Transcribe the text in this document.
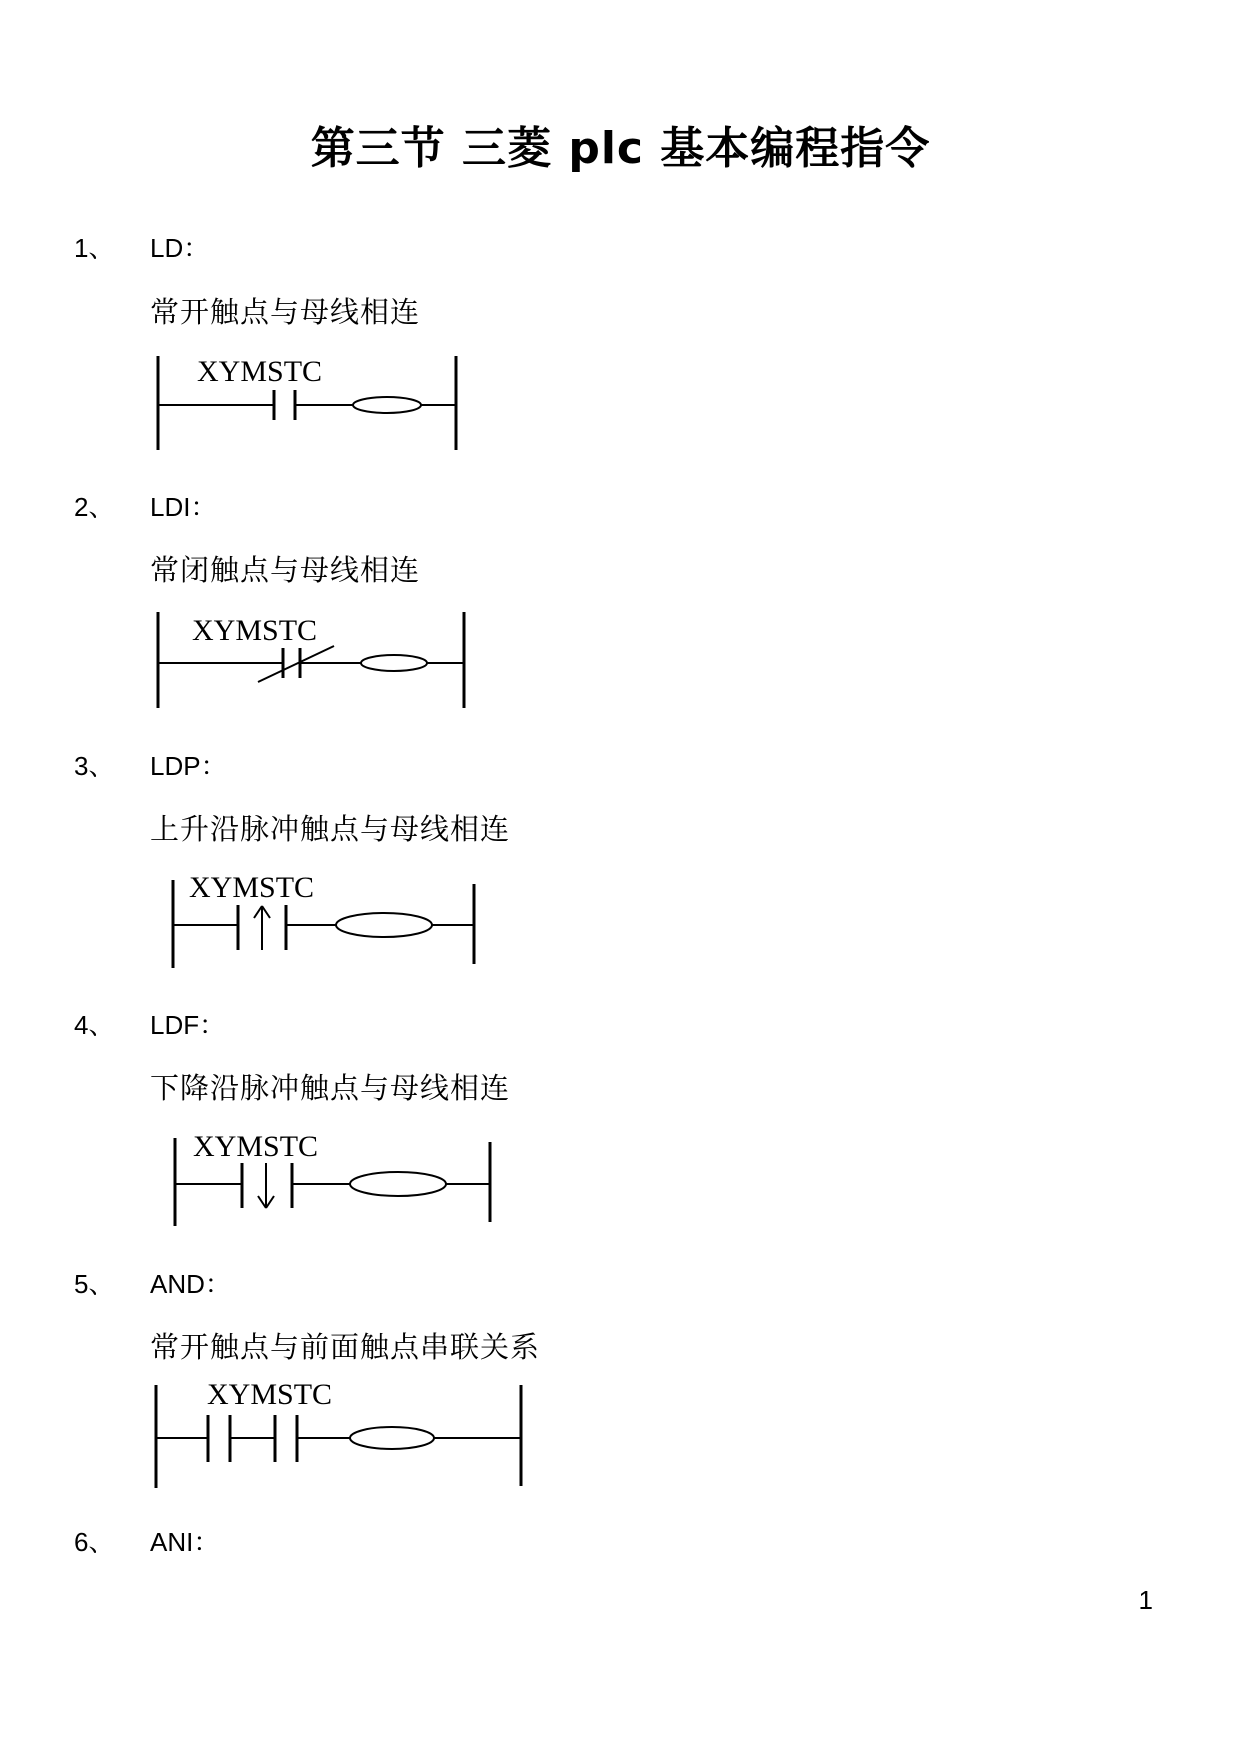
第三节 三菱 plc 基本编程指令
1、 LD：
常开触点与母线相连
2、 LDI：
常闭触点与母线相连
3、 LDP：
上升沿脉冲触点与母线相连
4、 LDF：
下降沿脉冲触点与母线相连
5、 AND：
常开触点与前面触点串联关系
6、 ANI：
XYMSTC
XYMSTC
XYMSTC
XYMSTC
XYMSTC
1
